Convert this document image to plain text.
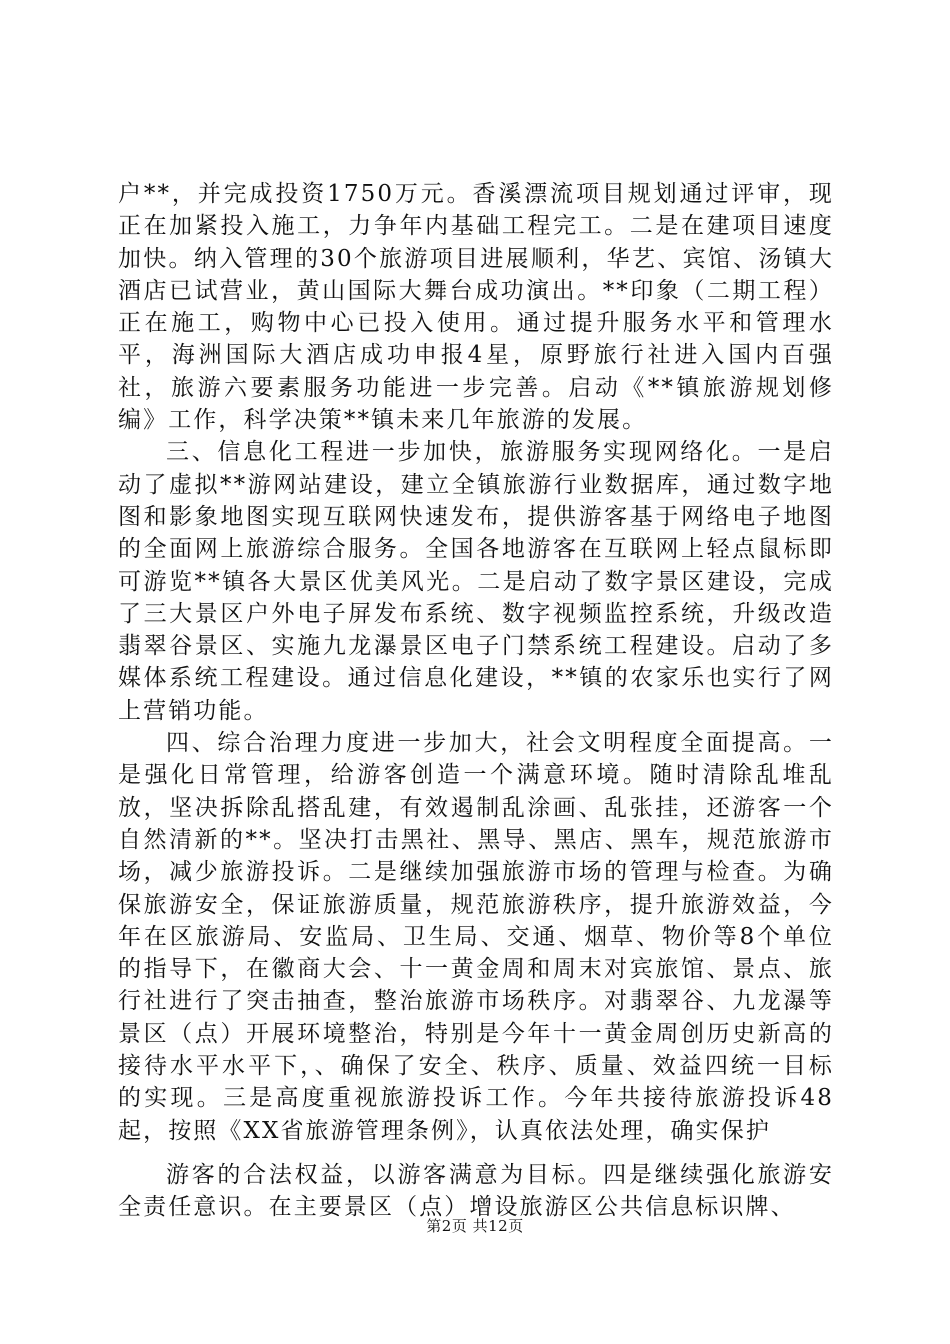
户**，并完成投资1750万元。香溪漂流项目规划通过评审，现正在加紧投入施工，力争年内基础工程完工。二是在建项目速度加快。纳入管理的30个旅游项目进展顺利，华艺、宾馆、汤镇大酒店已试营业，黄山国际大舞台成功演出。**印象（二期工程）正在施工，购物中心已投入使用。通过提升服务水平和管理水平，海洲国际大酒店成功申报4星，原野旅行社进入国内百强社，旅游六要素服务功能进一步完善。启动《**镇旅游规划修编》工作，科学决策**镇未来几年旅游的发展。

三、信息化工程进一步加快，旅游服务实现网络化。一是启动了虚拟**游网站建设，建立全镇旅游行业数据库，通过数字地图和影象地图实现互联网快速发布，提供游客基于网络电子地图的全面网上旅游综合服务。全国各地游客在互联网上轻点鼠标即可游览**镇各大景区优美风光。二是启动了数字景区建设，完成了三大景区户外电子屏发布系统、数字视频监控系统，升级改造翡翠谷景区、实施九龙瀑景区电子门禁系统工程建设。启动了多媒体系统工程建设。通过信息化建设，**镇的农家乐也实行了网上营销功能。

四、综合治理力度进一步加大，社会文明程度全面提高。一是强化日常管理，给游客创造一个满意环境。随时清除乱堆乱放，坚决拆除乱搭乱建，有效遏制乱涂画、乱张挂，还游客一个自然清新的**。坚决打击黑社、黑导、黑店、黑车，规范旅游市场，减少旅游投诉。二是继续加强旅游市场的管理与检查。为确保旅游安全，保证旅游质量，规范旅游秩序，提升旅游效益，今年在区旅游局、安监局、卫生局、交通、烟草、物价等8个单位的指导下，在徽商大会、十一黄金周和周末对宾旅馆、景点、旅行社进行了突击抽查，整治旅游市场秩序。对翡翠谷、九龙瀑等景区（点）开展环境整治，特别是今年十一黄金周创历史新高的接待水平水平下，、确保了安全、秩序、质量、效益四统一目标的实现。三是高度重视旅游投诉工作。今年共接待旅游投诉48起，按照《XX省旅游管理条例》，认真依法处理，确实保护

游客的合法权益，以游客满意为目标。四是继续强化旅游安全责任意识。在主要景区（点）增设旅游区公共信息标识牌、

第2页 共12页
